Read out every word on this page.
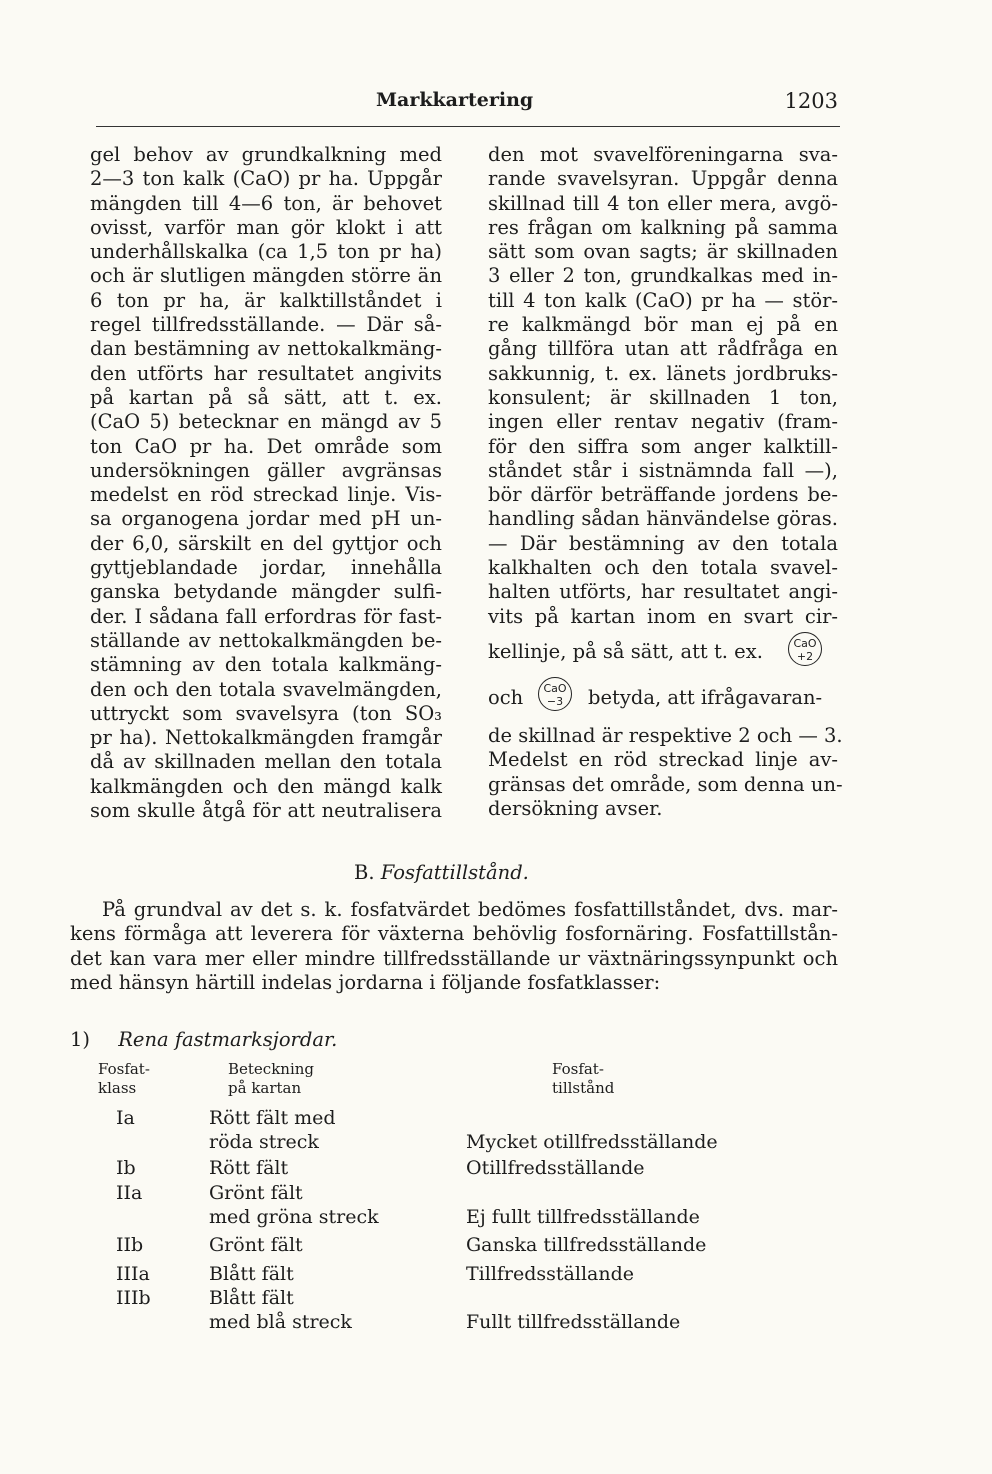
Markkartering	1203
gel behov av grundkalkning med
2—3 ton kalk (CaO) pr ha. Uppgår
mängden till 4—6 ton, är behovet
ovisst, varför man gör klokt i att
underhållskalka (ca 1,5 ton pr ha)
och är slutligen mängden större än
6 ton pr ha, är kalktillståndet i
regel tillfredsställande. — Där så-
dan bestämning av nettokalkmäng-
den utförts har resultatet angivits
på kartan på så sätt, att t. ex.
(CaO 5) betecknar en mängd av 5
ton CaO pr ha. Det område som
undersökningen gäller avgränsas
medelst en röd streckad linje. Vis-
sa organogena jordar med pH un-
der 6,0, särskilt en del gyttjor och
gyttjeblandade jordar, innehålla
ganska betydande mängder sulfi-
der. I sådana fall erfordras för fast-
ställande av nettokalkmängden be-
stämning av den totala kalkmäng-
den och den totala svavelmängden,
uttryckt som svavelsyra (ton SO₃
pr ha). Nettokalkmängden framgår
då av skillnaden mellan den totala
kalkmängden och den mängd kalk
som skulle åtgå för att neutralisera
den mot svavelföreningarna sva-
rande svavelsyran. Uppgår denna
skillnad till 4 ton eller mera, avgö-
res frågan om kalkning på samma
sätt som ovan sagts; är skillnaden
3 eller 2 ton, grundkalkas med in-
till 4 ton kalk (CaO) pr ha — stör-
re kalkmängd bör man ej på en
gång tillföra utan att rådfråga en
sakkunnig, t. ex. länets jordbruks-
konsulent; är skillnaden 1 ton,
ingen eller rentav negativ (fram-
för den siffra som anger kalktill-
ståndet står i sistnämnda fall —),
bör därför beträffande jordens be-
handling sådan hänvändelse göras.
— Där bestämning av den totala
kalkhalten och den totala svavel-
halten utförts, har resultatet angi-
vits på kartan inom en svart cir-
kellinje, på så sätt, att t. ex.	CaO
+2
och	CaO
−3	betyda, att ifrågavaran-
de skillnad är respektive 2 och — 3.
Medelst en röd streckad linje av-
gränsas det område, som denna un-
dersökning avser.
B. Fosfattillstånd.
På grundval av det s. k. fosfatvärdet bedömes fosfattillståndet, dvs. mar-
kens förmåga att leverera för växterna behövlig fosfornäring. Fosfattillstån-
det kan vara mer eller mindre tillfredsställande ur växtnäringssynpunkt och
med hänsyn härtill indelas jordarna i följande fosfatklasser:
1) Rena fastmarksjordar.
Fosfat-
klass
Beteckning
på kartan
Fosfat-
tillstånd
Ia	Rött fält med
röda streck	Mycket otillfredsställande
Ib	Rött fält	Otillfredsställande
IIa	Grönt fält
med gröna streck	Ej fullt tillfredsställande
IIb	Grönt fält	Ganska tillfredsställande
IIIa	Blått fält	Tillfredsställande
IIIb	Blått fält
med blå streck	Fullt tillfredsställande
